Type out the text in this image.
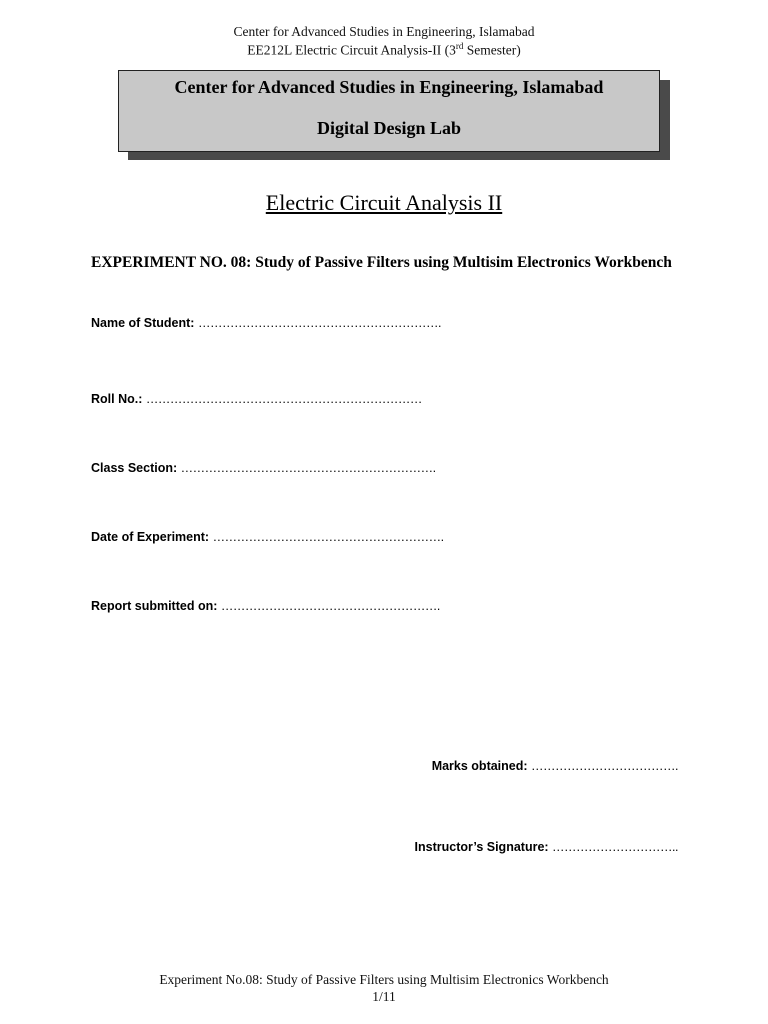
Center for Advanced Studies in Engineering, Islamabad
EE212L Electric Circuit Analysis-II (3rd Semester)
Center for Advanced Studies in Engineering, Islamabad
Digital Design Lab
Electric Circuit Analysis II
EXPERIMENT NO. 08: Study of Passive Filters using Multisim Electronics Workbench
Name of Student: …………………………………………………….
Roll No.: ……………………………………………………………
Class Section: ……………………………………………………….
Date of Experiment: ………………………………………………….
Report submitted on: ……………………………………………….
Marks obtained: ……………………………….
Instructor’s Signature: …………………………..
Experiment No.08: Study of Passive Filters using Multisim Electronics Workbench
1/11
